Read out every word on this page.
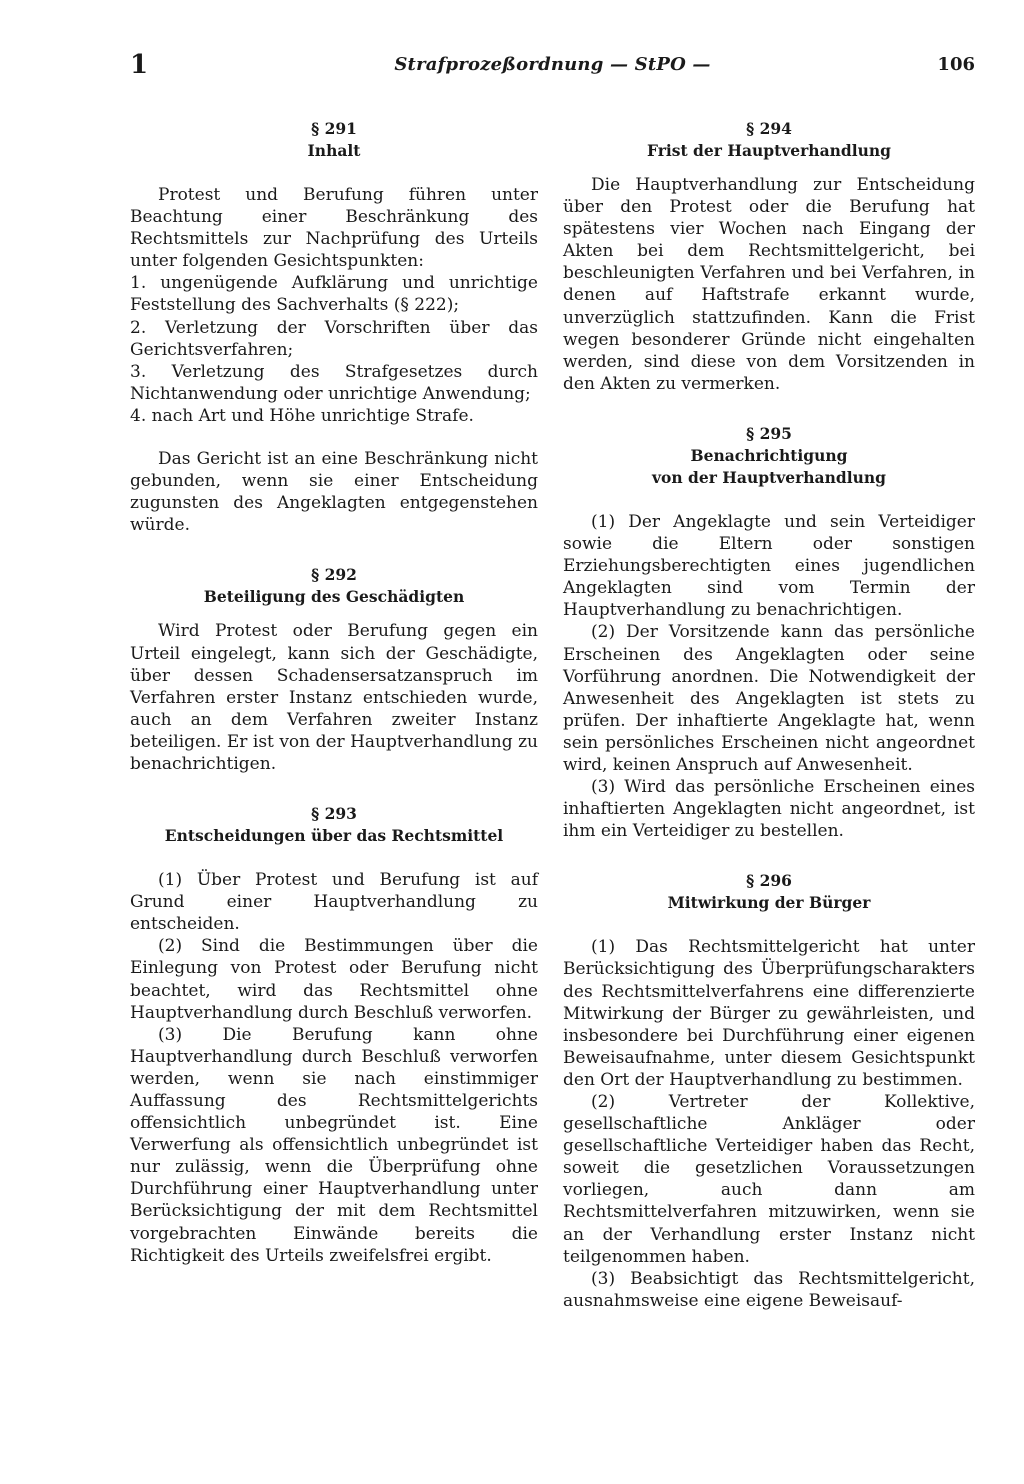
1	Strafprozeßordnung — StPO —	106
§ 291
Inhalt

Protest und Berufung führen unter Beachtung einer Beschränkung des Rechtsmittels zur Nachprüfung des Urteils unter folgenden Gesichtspunkten:

1. ungenügende Aufklärung und unrichtige Feststellung des Sachverhalts (§ 222);

2. Verletzung der Vorschriften über das Gerichtsverfahren;

3. Verletzung des Strafgesetzes durch Nichtanwendung oder unrichtige Anwendung;

4. nach Art und Höhe unrichtige Strafe.

Das Gericht ist an eine Beschränkung nicht gebunden, wenn sie einer Entscheidung zugunsten des Angeklagten entgegenstehen würde.

§ 292
Beteiligung des Geschädigten

Wird Protest oder Berufung gegen ein Urteil eingelegt, kann sich der Geschädigte, über dessen Schadensersatzanspruch im Verfahren erster Instanz entschieden wurde, auch an dem Verfahren zweiter Instanz beteiligen. Er ist von der Hauptverhandlung zu benachrichtigen.

§ 293
Entscheidungen über das Rechtsmittel

(1) Über Protest und Berufung ist auf Grund einer Hauptverhandlung zu entscheiden.

(2) Sind die Bestimmungen über die Einlegung von Protest oder Berufung nicht beachtet, wird das Rechtsmittel ohne Hauptverhandlung durch Beschluß verworfen.

(3) Die Berufung kann ohne Hauptverhandlung durch Beschluß verworfen werden, wenn sie nach einstimmiger Auffassung des Rechtsmittelgerichts offensichtlich unbegründet ist. Eine Verwerfung als offensichtlich unbegründet ist nur zulässig, wenn die Überprüfung ohne Durchführung einer Hauptverhandlung unter Berücksichtigung der mit dem Rechtsmittel vorgebrachten Einwände bereits die Richtigkeit des Urteils zweifelsfrei ergibt.

§ 294
Frist der Hauptverhandlung

Die Hauptverhandlung zur Entscheidung über den Protest oder die Berufung hat spätestens vier Wochen nach Eingang der Akten bei dem Rechtsmittelgericht, bei beschleunigten Verfahren und bei Verfahren, in denen auf Haftstrafe erkannt wurde, unverzüglich stattzufinden. Kann die Frist wegen besonderer Gründe nicht eingehalten werden, sind diese von dem Vorsitzenden in den Akten zu vermerken.

§ 295
Benachrichtigung
von der Hauptverhandlung

(1) Der Angeklagte und sein Verteidiger sowie die Eltern oder sonstigen Erziehungsberechtigten eines jugendlichen Angeklagten sind vom Termin der Hauptverhandlung zu benachrichtigen.

(2) Der Vorsitzende kann das persönliche Erscheinen des Angeklagten oder seine Vorführung anordnen. Die Notwendigkeit der Anwesenheit des Angeklagten ist stets zu prüfen. Der inhaftierte Angeklagte hat, wenn sein persönliches Erscheinen nicht angeordnet wird, keinen Anspruch auf Anwesenheit.

(3) Wird das persönliche Erscheinen eines inhaftierten Angeklagten nicht angeordnet, ist ihm ein Verteidiger zu bestellen.

§ 296
Mitwirkung der Bürger

(1) Das Rechtsmittelgericht hat unter Berücksichtigung des Überprüfungscharakters des Rechtsmittelverfahrens eine differenzierte Mitwirkung der Bürger zu gewährleisten, und insbesondere bei Durchführung einer eigenen Beweisaufnahme, unter diesem Gesichtspunkt den Ort der Hauptverhandlung zu bestimmen.

(2) Vertreter der Kollektive, gesellschaftliche Ankläger oder gesellschaftliche Verteidiger haben das Recht, soweit die gesetzlichen Voraussetzungen vorliegen, auch dann am Rechtsmittelverfahren mitzuwirken, wenn sie an der Verhandlung erster Instanz nicht teilgenommen haben.

(3) Beabsichtigt das Rechtsmittelgericht, ausnahmsweise eine eigene Beweisauf-
